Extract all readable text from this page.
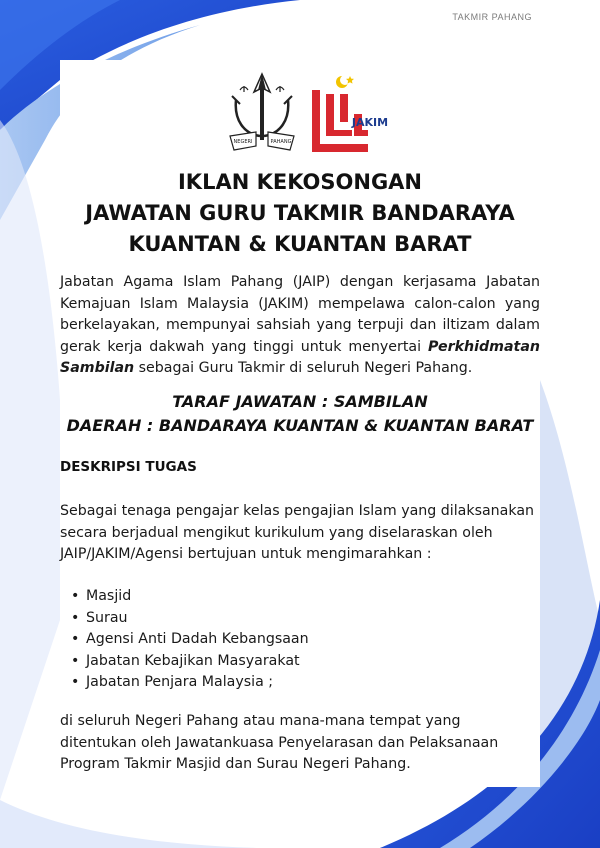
TAKMIR PAHANG
NEGERI	PAHANG
JAKIM
IKLAN KEKOSONGAN
JAWATAN GURU TAKMIR BANDARAYA
KUANTAN & KUANTAN BARAT
Jabatan Agama Islam Pahang (JAIP) dengan kerjasama Jabatan Kemajuan Islam Malaysia (JAKIM) mempelawa calon-calon yang berkelayakan, mempunyai sahsiah yang terpuji dan iltizam dalam gerak kerja dakwah yang tinggi untuk menyertai Perkhidmatan Sambilan sebagai Guru Takmir di seluruh Negeri Pahang.
TARAF JAWATAN : SAMBILAN
DAERAH : BANDARAYA KUANTAN & KUANTAN BARAT
DESKRIPSI TUGAS
Sebagai tenaga pengajar kelas pengajian Islam yang dilaksanakan secara berjadual mengikut kurikulum yang diselaraskan oleh JAIP/JAKIM/Agensi bertujuan untuk mengimarahkan :
• Masjid
• Surau
• Agensi Anti Dadah Kebangsaan
• Jabatan Kebajikan Masyarakat
• Jabatan Penjara Malaysia ;
di seluruh Negeri Pahang atau mana-mana tempat yang ditentukan oleh Jawatankuasa Penyelarasan dan Pelaksanaan Program Takmir Masjid dan Surau Negeri Pahang.
